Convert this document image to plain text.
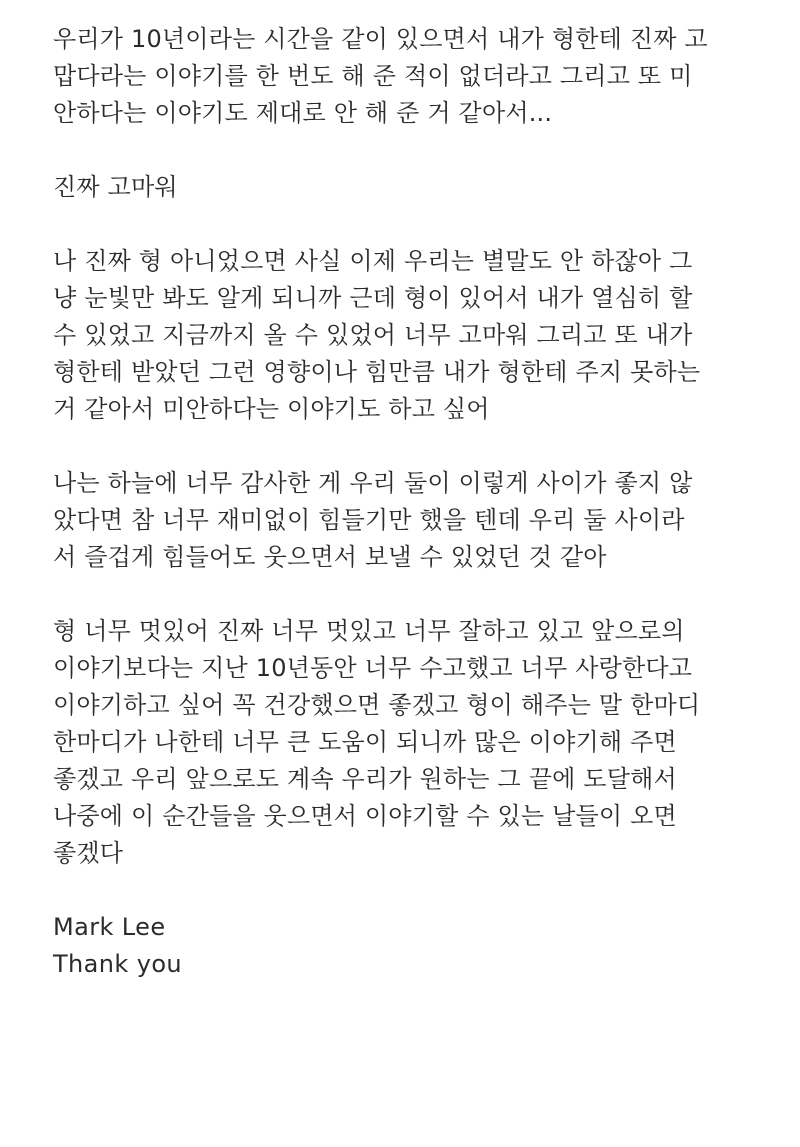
우리가 10년이라는 시간을 같이 있으면서 내가 형한테 진짜 고
맙다라는 이야기를 한 번도 해 준 적이 없더라고 그리고 또 미
안하다는 이야기도 제대로 안 해 준 거 같아서...
진짜 고마워
나 진짜 형 아니었으면 사실 이제 우리는 별말도 안 하잖아 그
냥 눈빛만 봐도 알게 되니까 근데 형이 있어서 내가 열심히 할
수 있었고 지금까지 올 수 있었어 너무 고마워 그리고 또 내가
형한테 받았던 그런 영향이나 힘만큼 내가 형한테 주지 못하는
거 같아서 미안하다는 이야기도 하고 싶어
나는 하늘에 너무 감사한 게 우리 둘이 이렇게 사이가 좋지 않
았다면 참 너무 재미없이 힘들기만 했을 텐데 우리 둘 사이라
서 즐겁게 힘들어도 웃으면서 보낼 수 있었던 것 같아
형 너무 멋있어 진짜 너무 멋있고 너무 잘하고 있고 앞으로의
이야기보다는 지난 10년동안 너무 수고했고 너무 사랑한다고
이야기하고 싶어 꼭 건강했으면 좋겠고 형이 해주는 말 한마디
한마디가 나한테 너무 큰 도움이 되니까 많은 이야기해 주면
좋겠고 우리 앞으로도 계속 우리가 원하는 그 끝에 도달해서
나중에 이 순간들을 웃으면서 이야기할 수 있는 날들이 오면
좋겠다
Mark Lee
Thank you
